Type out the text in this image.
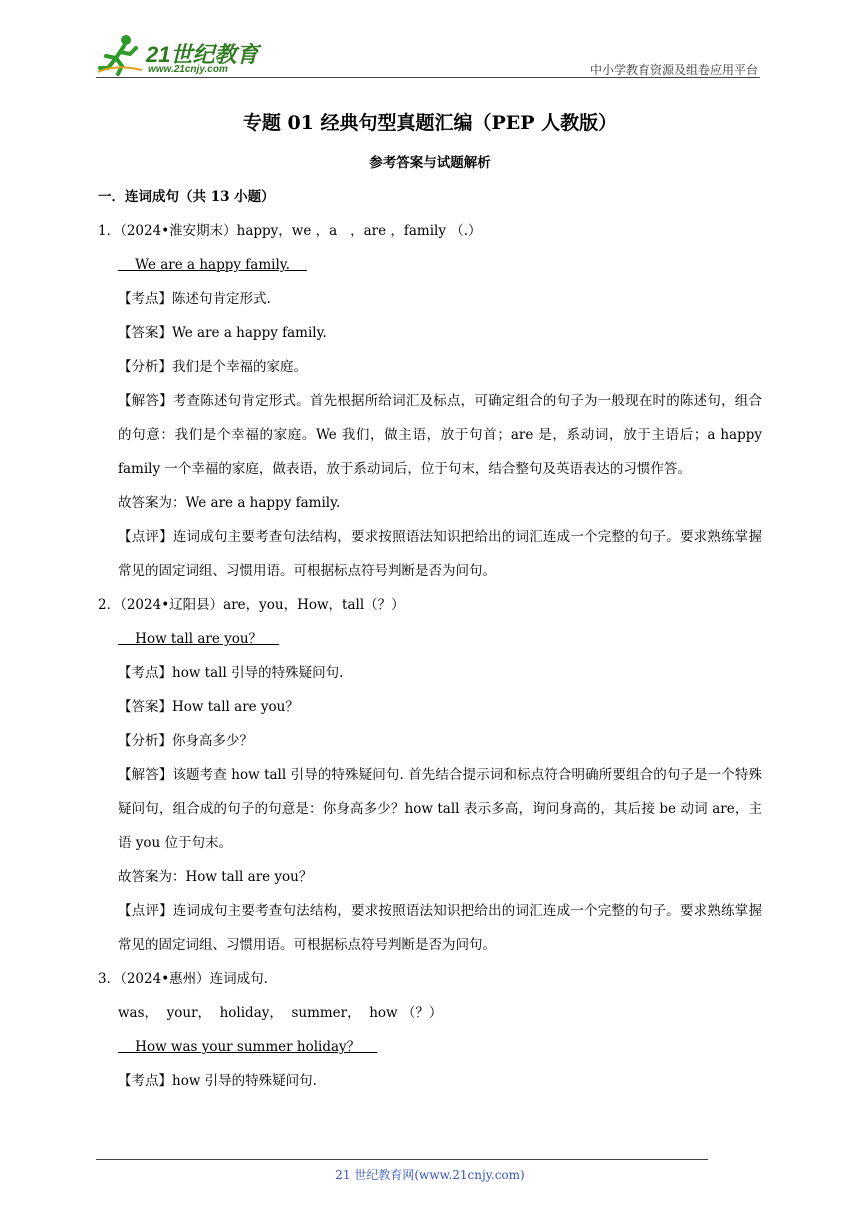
21世纪教育
www.21cnjy.com	中小学教育资源及组卷应用平台
专题 01 经典句型真题汇编（PEP 人教版）
参考答案与试题解析
一．连词成句（共 13 小题）
1．（2024•淮安期末）happy，we ，a   ，are ，family （.）
We are a happy family.
【考点】陈述句肯定形式.
【答案】We are a happy family.
【分析】我们是个幸福的家庭。
【解答】考查陈述句肯定形式。首先根据所给词汇及标点，可确定组合的句子为一般现在时的陈述句，组合的句意：我们是个幸福的家庭。We 我们，做主语，放于句首；are 是，系动词，放于主语后；a happy family 一个幸福的家庭，做表语，放于系动词后，位于句末，结合整句及英语表达的习惯作答。
故答案为：We are a happy family.
【点评】连词成句主要考查句法结构，要求按照语法知识把给出的词汇连成一个完整的句子。要求熟练掌握常见的固定词组、习惯用语。可根据标点符号判断是否为问句。
2．（2024•辽阳县）are，you，How，tall（？）
How tall are you？
【考点】how tall 引导的特殊疑问句.
【答案】How tall are you？
【分析】你身高多少？
【解答】该题考查 how tall 引导的特殊疑问句. 首先结合提示词和标点符合明确所要组合的句子是一个特殊疑问句，组合成的句子的句意是：你身高多少？how tall 表示多高，询问身高的，其后接 be 动词 are，主语 you 位于句末。
故答案为：How tall are you？
【点评】连词成句主要考查句法结构，要求按照语法知识把给出的词汇连成一个完整的句子。要求熟练掌握常见的固定词组、习惯用语。可根据标点符号判断是否为问句。
3．（2024•惠州）连词成句.
was，  your，  holiday，  summer，  how （？）
How was your summer holiday？
【考点】how 引导的特殊疑问句.
21 世纪教育网(www.21cnjy.com)
